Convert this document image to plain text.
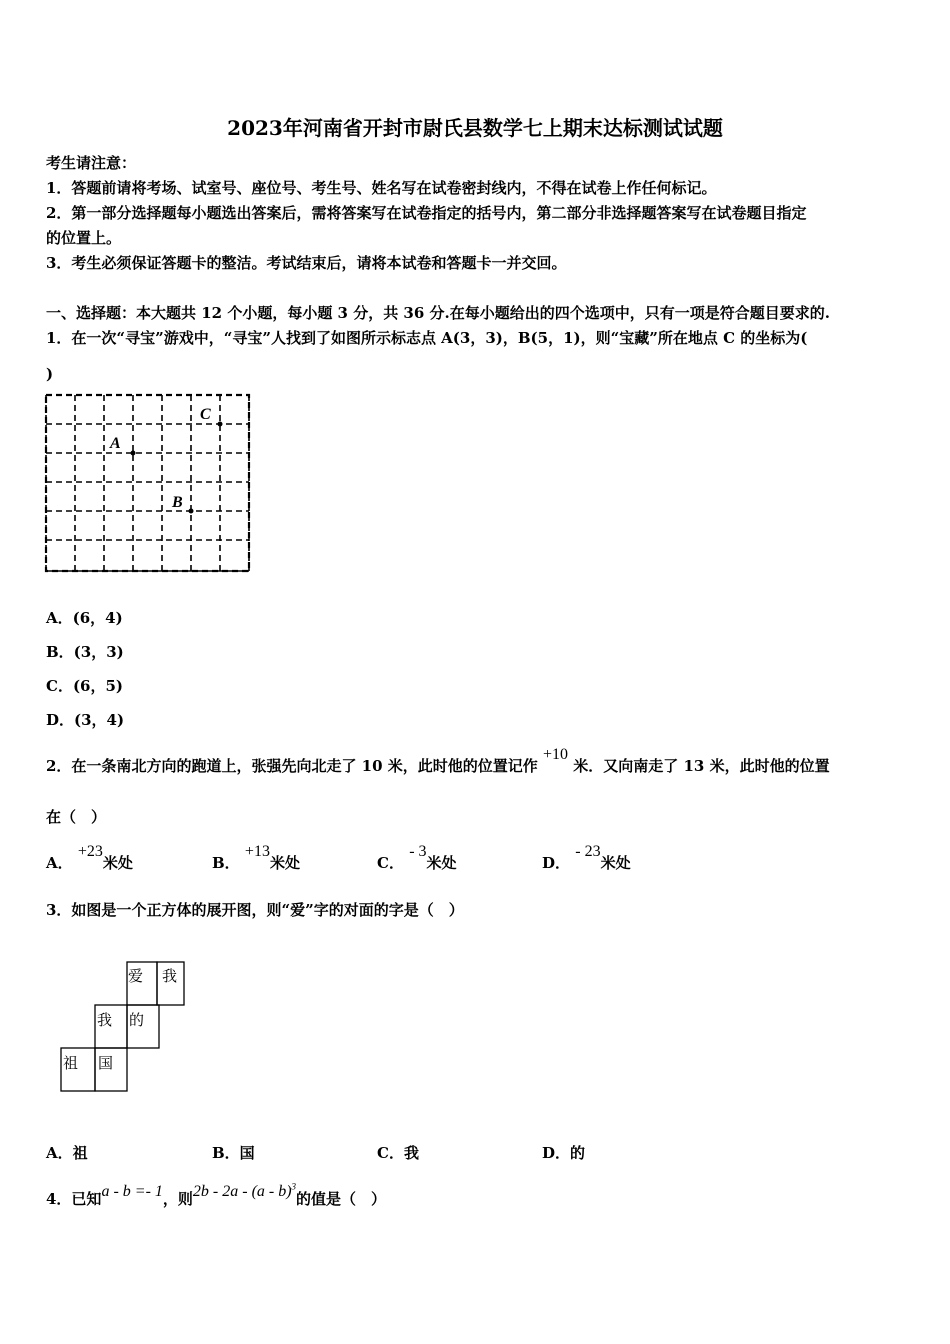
2023年河南省开封市尉氏县数学七上期末达标测试试题
考生请注意：
1．答题前请将考场、试室号、座位号、考生号、姓名写在试卷密封线内，不得在试卷上作任何标记。
2．第一部分选择题每小题选出答案后，需将答案写在试卷指定的括号内，第二部分非选择题答案写在试卷题目指定
的位置上。
3．考生必须保证答题卡的整洁。考试结束后，请将本试卷和答题卡一并交回。
一、选择题：本大题共 12 个小题，每小题 3 分，共 36 分.在每小题给出的四个选项中，只有一项是符合题目要求的.
1．在一次“寻宝”游戏中，“寻宝”人找到了如图所示标志点 A(3，3)，B(5，1)，则“宝藏”所在地点 C 的坐标为(
)
A
B
C
A．(6，4)
B．(3，3)
C．(6，5)
D．(3，4)
2．在一条南北方向的跑道上，张强先向北走了 10 米，此时他的位置记作 +10 米．又向南走了 13 米，此时他的位置
在（　）
A． +23米处	B． +13米处	C． - 3米处	D． - 23米处
3．如图是一个正方体的展开图，则“爱”字的对面的字是（　）
爱 我
我 的
祖 国
A．祖	B．国	C．我	D．的
4．已知a - b =- 1，则2b - 2a - (a - b)$^3$的值是（　）
